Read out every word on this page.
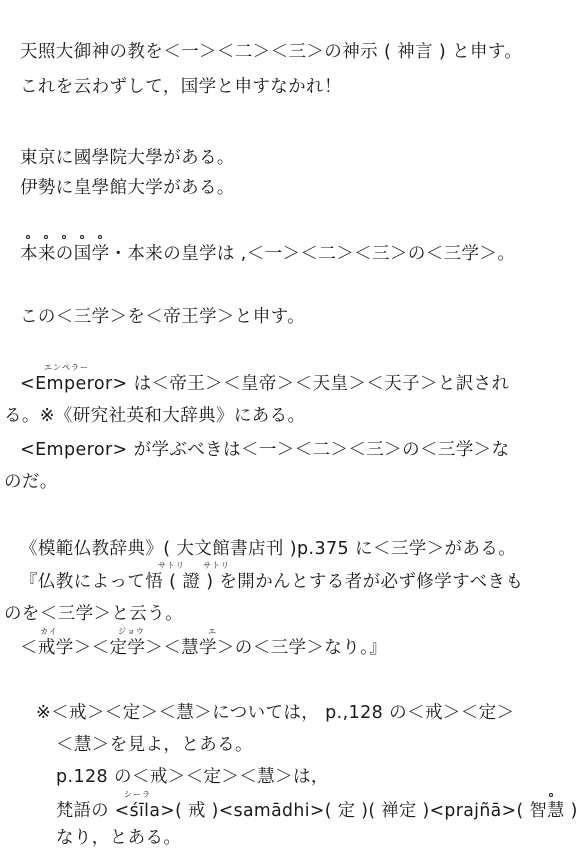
天照大御神の教を＜一＞＜二＞＜三＞の神示 ( 神言 ) と申す。
これを云わずして，国学と申すなかれ！
東京に國學院大學がある。
伊勢に皇學館大学がある。
本来の国学・本来の皇学は ,＜一＞＜二＞＜三＞の＜三学＞。
この＜三学＞を＜帝王学＞と申す。
エンペラー
<Emperor> は＜帝王＞＜皇帝＞＜天皇＞＜天子＞と訳され
る。※《研究社英和大辞典》にある。
<Emperor> が学ぶべきは＜一＞＜二＞＜三＞の＜三学＞な
のだ。
《模範仏教辞典》( 大文館書店刊 )p.375 に＜三学＞がある。
サトリ サトリ
『仏教によって悟 ( 證 ) を開かんとする者が必ず修学すべきも
のを＜三学＞と云う。
カイ	ジョウ	エ
＜戒学＞＜定学＞＜慧学＞の＜三学＞なり。』
※＜戒＞＜定＞＜慧＞については， p.,128 の＜戒＞＜定＞
＜慧＞を見よ，とある。
p.128 の＜戒＞＜定＞＜慧＞は，
シーラ
梵語の <śīla>( 戒 )<samādhi>( 定 )( 禅定 )<prajñā>( 智慧 )
なり，とある。
